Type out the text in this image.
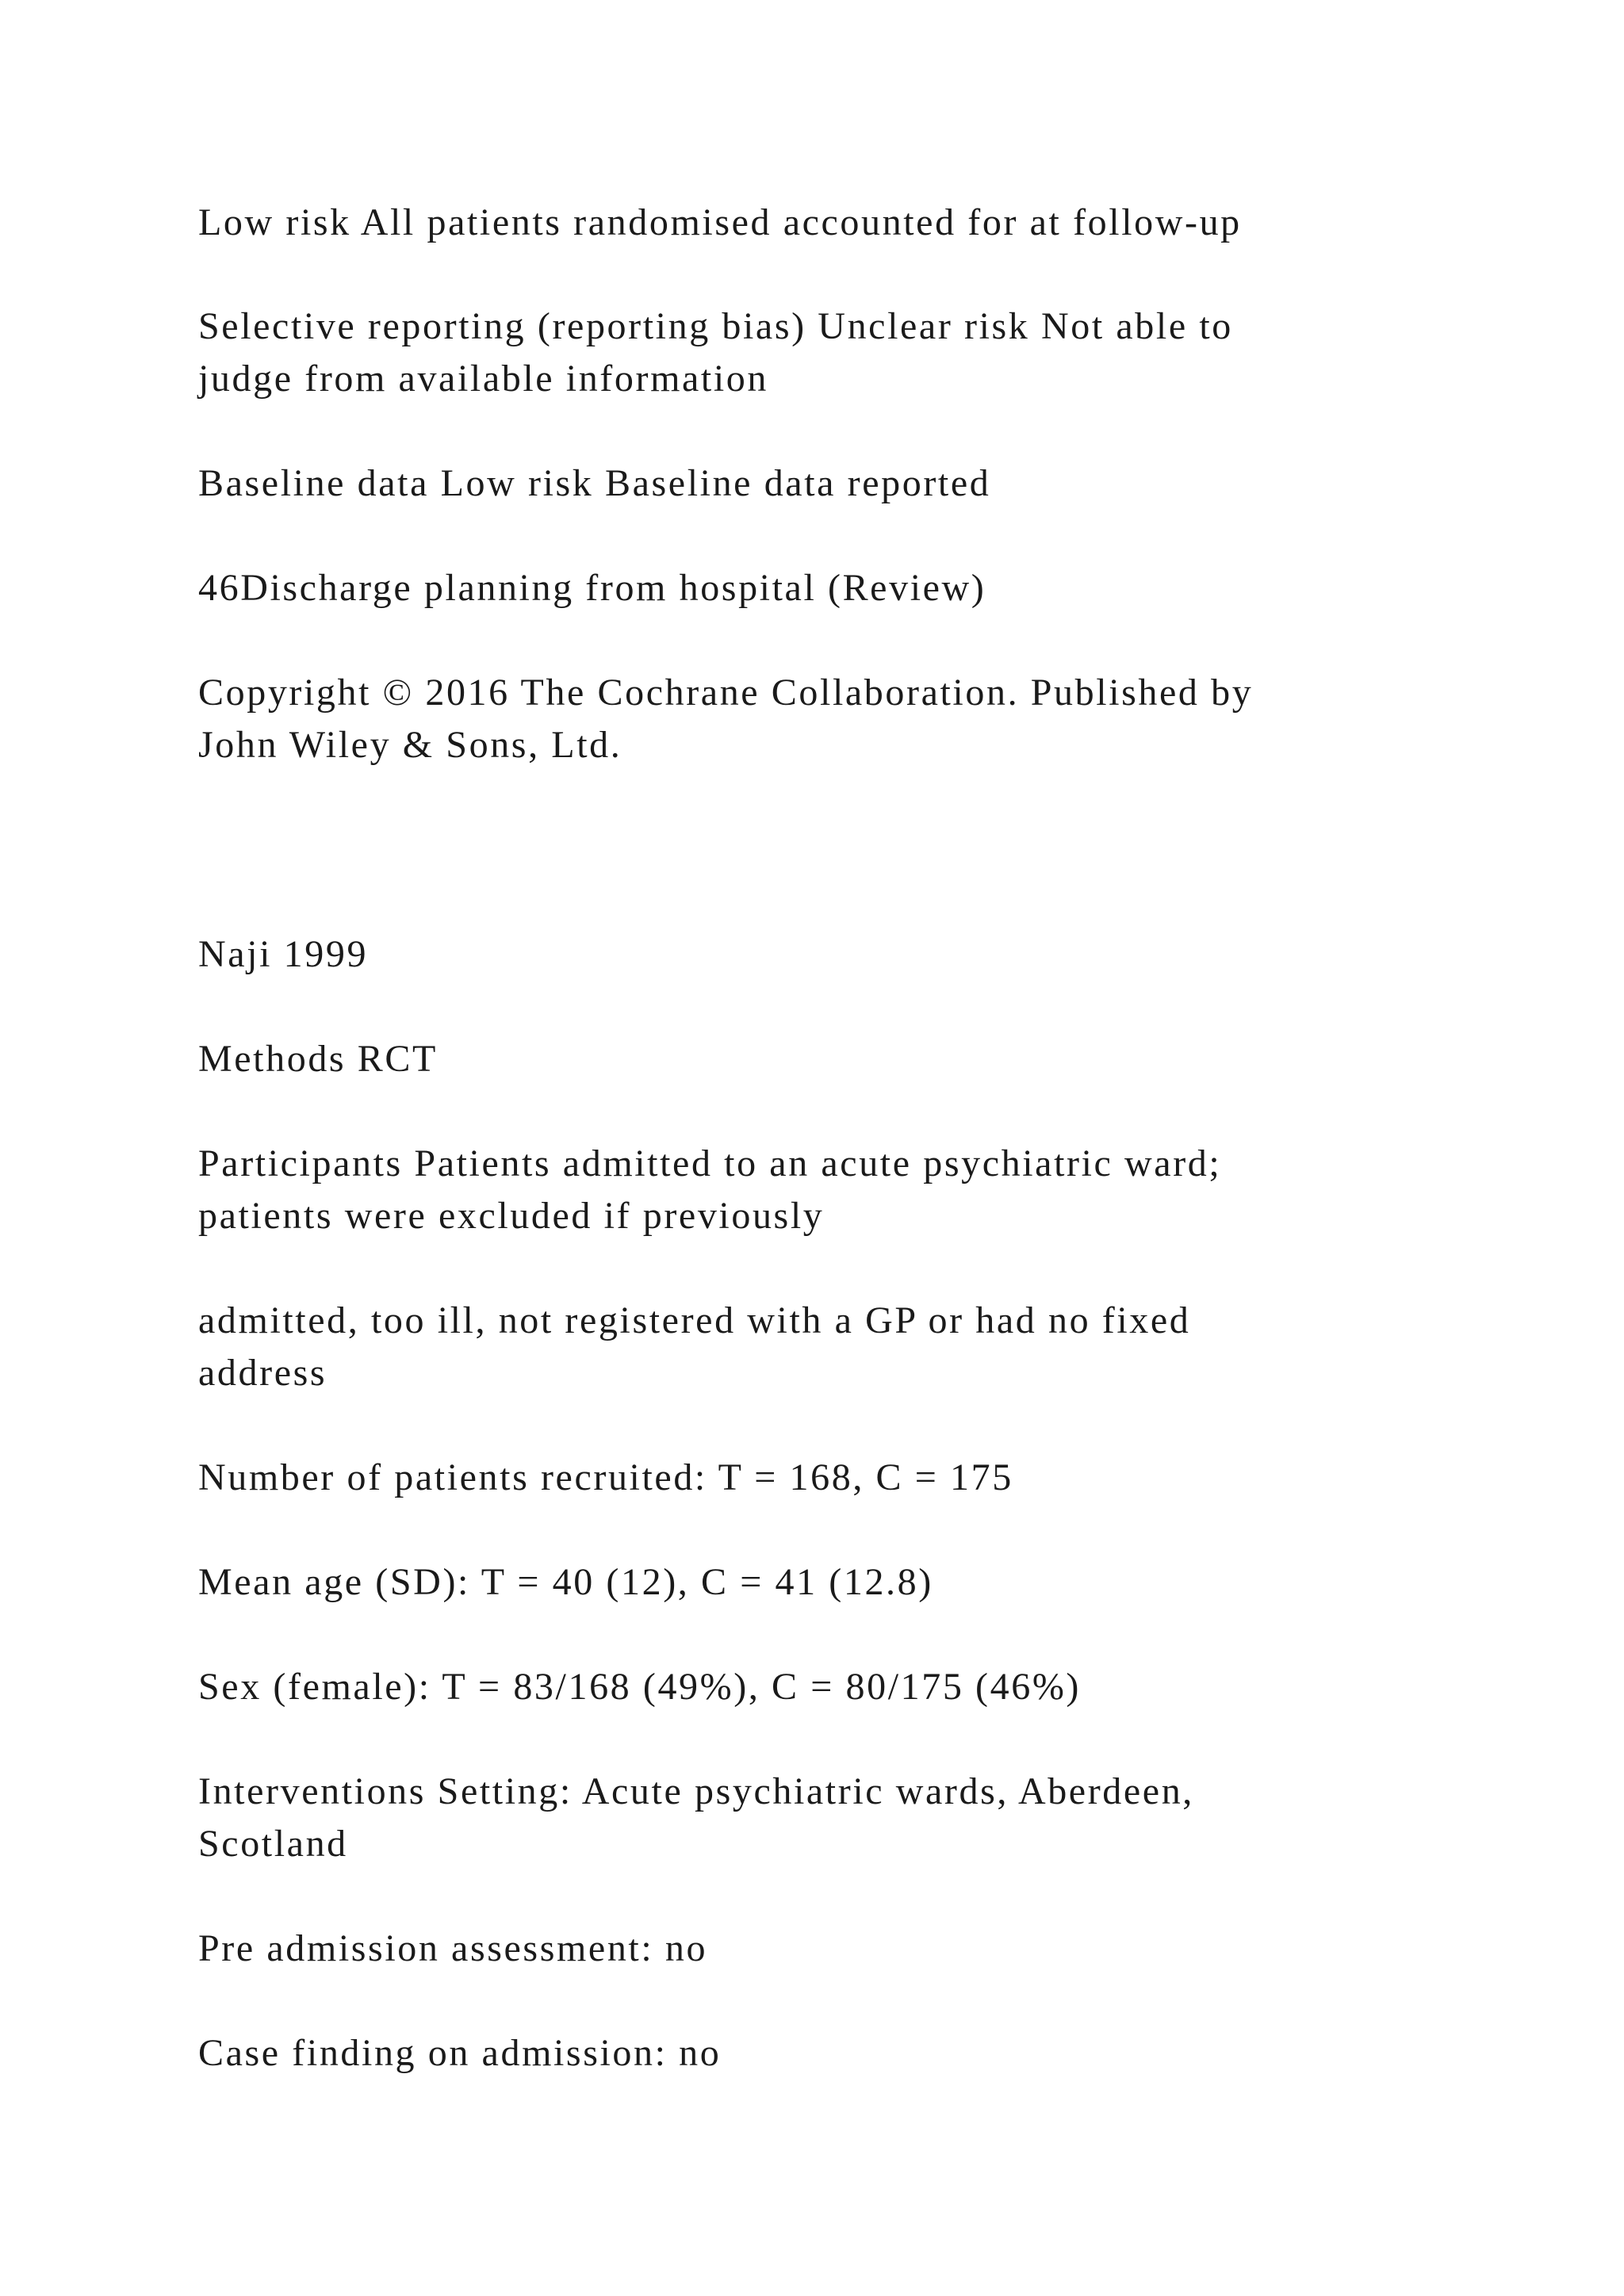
Low risk All patients randomised accounted for at follow-up
Selective reporting (reporting bias) Unclear risk Not able to
judge from available information
Baseline data Low risk Baseline data reported
46Discharge planning from hospital (Review)
Copyright © 2016 The Cochrane Collaboration. Published by
John Wiley & Sons, Ltd.
Naji 1999
Methods RCT
Participants Patients admitted to an acute psychiatric ward;
patients were excluded if previously
admitted, too ill, not registered with a GP or had no fixed
address
Number of patients recruited: T = 168, C = 175
Mean age (SD): T = 40 (12), C = 41 (12.8)
Sex (female): T = 83/168 (49%), C = 80/175 (46%)
Interventions Setting: Acute psychiatric wards, Aberdeen,
Scotland
Pre admission assessment: no
Case finding on admission: no
